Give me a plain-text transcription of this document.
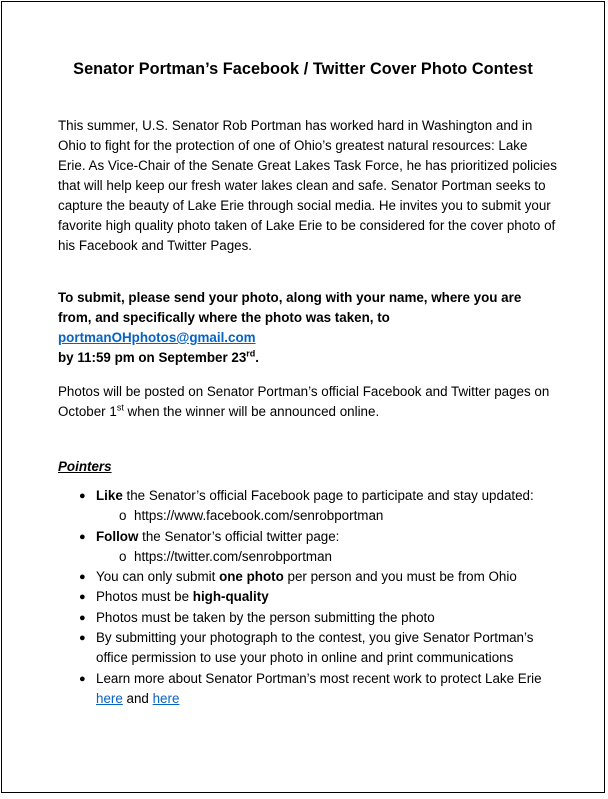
Senator Portman’s Facebook / Twitter Cover Photo Contest
This summer, U.S. Senator Rob Portman has worked hard in Washington and in Ohio to fight for the protection of one of Ohio’s greatest natural resources: Lake Erie. As Vice-Chair of the Senate Great Lakes Task Force, he has prioritized policies that will help keep our fresh water lakes clean and safe. Senator Portman seeks to capture the beauty of Lake Erie through social media. He invites you to submit your favorite high quality photo taken of Lake Erie to be considered for the cover photo of his Facebook and Twitter Pages.
To submit, please send your photo, along with your name, where you are from, and specifically where the photo was taken, to portmanOHphotos@gmail.com
by 11:59 pm on September 23rd.
Photos will be posted on Senator Portman’s official Facebook and Twitter pages on October 1st when the winner will be announced online.
Pointers
● Like the Senator’s official Facebook page to participate and stay updated:
o https://www.facebook.com/senrobportman
● Follow the Senator’s official twitter page:
o https://twitter.com/senrobportman
● You can only submit one photo per person and you must be from Ohio
● Photos must be high-quality
● Photos must be taken by the person submitting the photo
● By submitting your photograph to the contest, you give Senator Portman’s office permission to use your photo in online and print communications
● Learn more about Senator Portman’s most recent work to protect Lake Erie
here and here
